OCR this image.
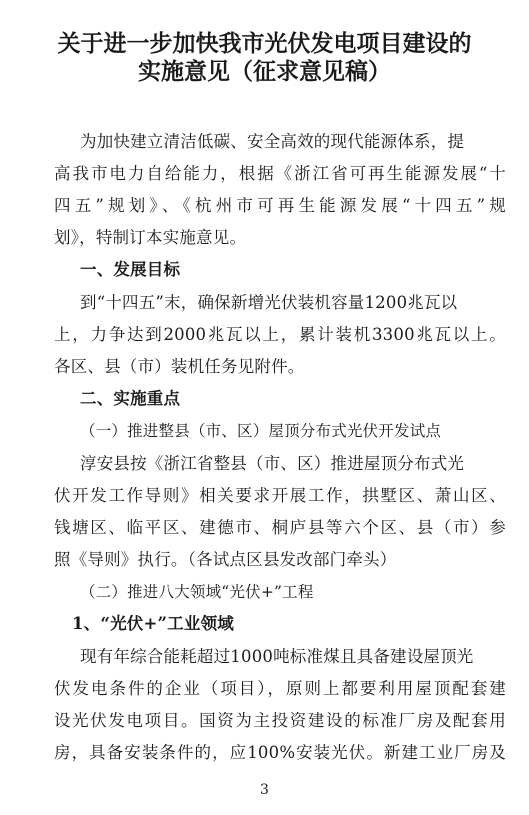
关于进一步加快我市光伏发电项目建设的
实施意见（征求意见稿）

为加快建立清洁低碳、安全高效的现代能源体系，提

高我市电力自给能力，根据《浙江省可再生能源发展“十

四五”规划》、《杭州市可再生能源发展“十四五”规

划》，特制订本实施意见。

一、发展目标

到“十四五”末，确保新增光伏装机容量1200兆瓦以

上，力争达到2000兆瓦以上，累计装机3300兆瓦以上。

各区、县（市）装机任务见附件。

二、实施重点

（一）推进整县（市、区）屋顶分布式光伏开发试点

淳安县按《浙江省整县（市、区）推进屋顶分布式光

伏开发工作导则》相关要求开展工作，拱墅区、萧山区、

钱塘区、临平区、建德市、桐庐县等六个区、县（市）参

照《导则》执行。（各试点区县发改部门牵头）

（二）推进八大领域“光伏+”工程

1、“光伏+”工业领域

现有年综合能耗超过1000吨标准煤且具备建设屋顶光

伏发电条件的企业（项目），原则上都要利用屋顶配套建

设光伏发电项目。国资为主投资建设的标准厂房及配套用

房，具备安装条件的，应100%安装光伏。新建工业厂房及

3
